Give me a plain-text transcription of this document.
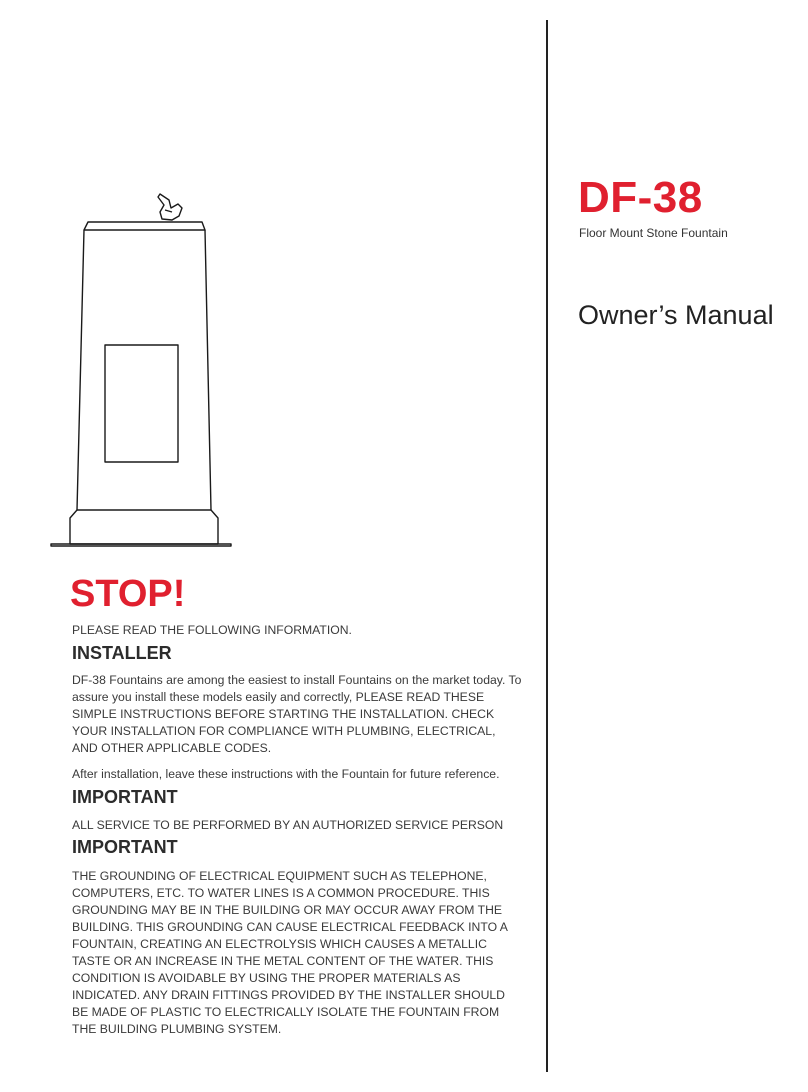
DF-38
Floor Mount Stone Fountain
Owner’s Manual
STOP!

PLEASE READ THE FOLLOWING INFORMATION.

INSTALLER

DF-38 Fountains are among the easiest to install Fountains on the market today. To assure you install these models easily and correctly, PLEASE READ THESE SIMPLE INSTRUCTIONS BEFORE STARTING THE INSTALLATION. CHECK YOUR INSTALLATION FOR COMPLIANCE WITH PLUMBING, ELECTRICAL, AND OTHER APPLICABLE CODES.

After installation, leave these instructions with the Fountain for future reference.

IMPORTANT

ALL SERVICE TO BE PERFORMED BY AN AUTHORIZED SERVICE PERSON

IMPORTANT

THE GROUNDING OF ELECTRICAL EQUIPMENT SUCH AS TELEPHONE, COMPUTERS, ETC. TO WATER LINES IS A COMMON PROCEDURE. THIS GROUNDING MAY BE IN THE BUILDING OR MAY OCCUR AWAY FROM THE BUILDING. THIS GROUNDING CAN CAUSE ELECTRICAL FEEDBACK INTO A FOUNTAIN, CREATING AN ELECTROLYSIS WHICH CAUSES A METALLIC TASTE OR AN INCREASE IN THE METAL CONTENT OF THE WATER. THIS CONDITION IS AVOIDABLE BY USING THE PROPER MATERIALS AS INDICATED. ANY DRAIN FITTINGS PROVIDED BY THE INSTALLER SHOULD BE MADE OF PLASTIC TO ELECTRICALLY ISOLATE THE FOUNTAIN FROM THE BUILDING PLUMBING SYSTEM.
